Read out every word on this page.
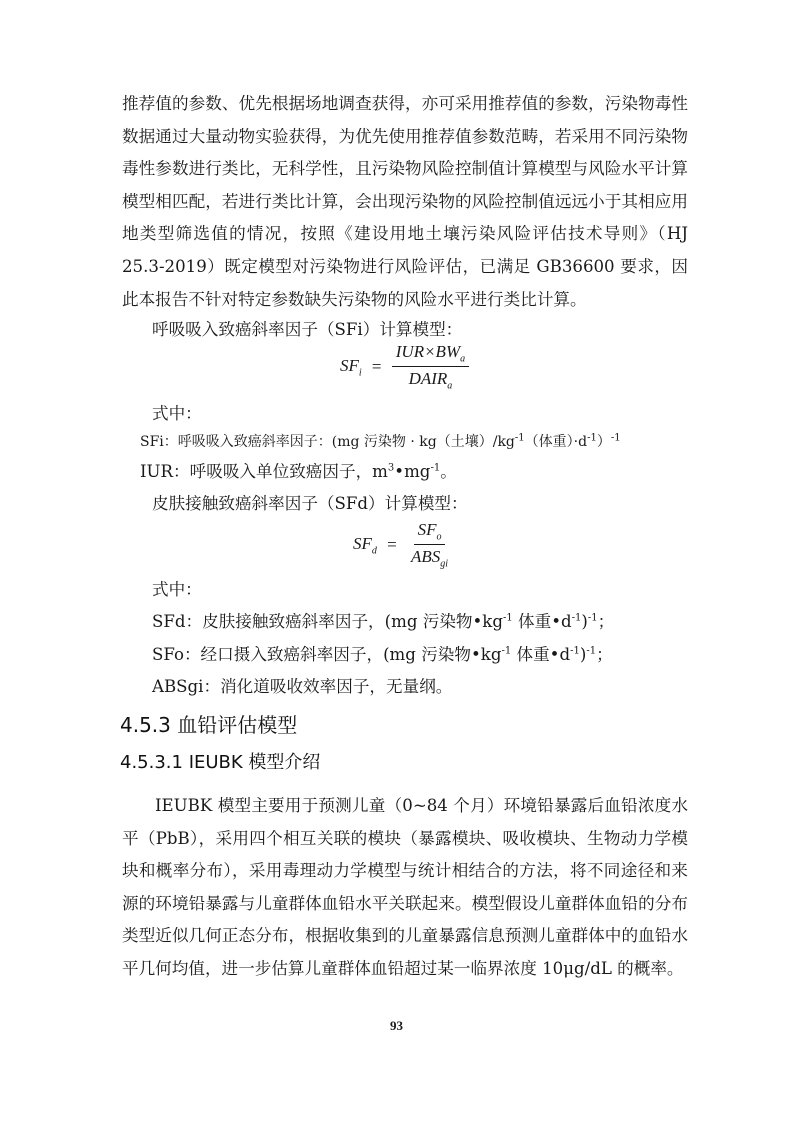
推荐值的参数、优先根据场地调查获得，亦可采用推荐值的参数，污染物毒性数据通过大量动物实验获得，为优先使用推荐值参数范畴，若采用不同污染物毒性参数进行类比，无科学性，且污染物风险控制值计算模型与风险水平计算模型相匹配，若进行类比计算，会出现污染物的风险控制值远远小于其相应用地类型筛选值的情况，按照《建设用地土壤污染风险评估技术导则》（HJ 25.3-2019）既定模型对污染物进行风险评估，已满足 GB36600 要求，因此本报告不针对特定参数缺失污染物的风险水平进行类比计算。

呼吸吸入致癌斜率因子（SFi）计算模型：
$SF_i = \frac{IUR\times BW_a}{DAIR_a}$
式中：
SFi：呼吸吸入致癌斜率因子：(mg 污染物 · kg（土壤）$/kg^{-1}$（体重）$\cdot d^{-1})^{-1}$
IUR：呼吸吸入单位致癌因子，$m^3•mg^{-1}$。
皮肤接触致癌斜率因子（SFd）计算模型：
$SF_d = \frac{SF_o}{ABS_{gi}}$
式中：
SFd：皮肤接触致癌斜率因子，(mg 污染物$•kg^{-1}$ 体重$•d^{-1})^{-1}$；
SFo：经口摄入致癌斜率因子，(mg 污染物$•kg^{-1}$ 体重$•d^{-1})^{-1}$；
ABSgi：消化道吸收效率因子，无量纲。
4.5.3 血铅评估模型
4.5.3.1 IEUBK 模型介绍

IEUBK 模型主要用于预测儿童（0~84 个月）环境铅暴露后血铅浓度水平（PbB），采用四个相互关联的模块（暴露模块、吸收模块、生物动力学模块和概率分布），采用毒理动力学模型与统计相结合的方法，将不同途径和来源的环境铅暴露与儿童群体血铅水平关联起来。模型假设儿童群体血铅的分布类型近似几何正态分布，根据收集到的儿童暴露信息预测儿童群体中的血铅水平几何均值，进一步估算儿童群体血铅超过某一临界浓度 10μg/dL 的概率。

93
